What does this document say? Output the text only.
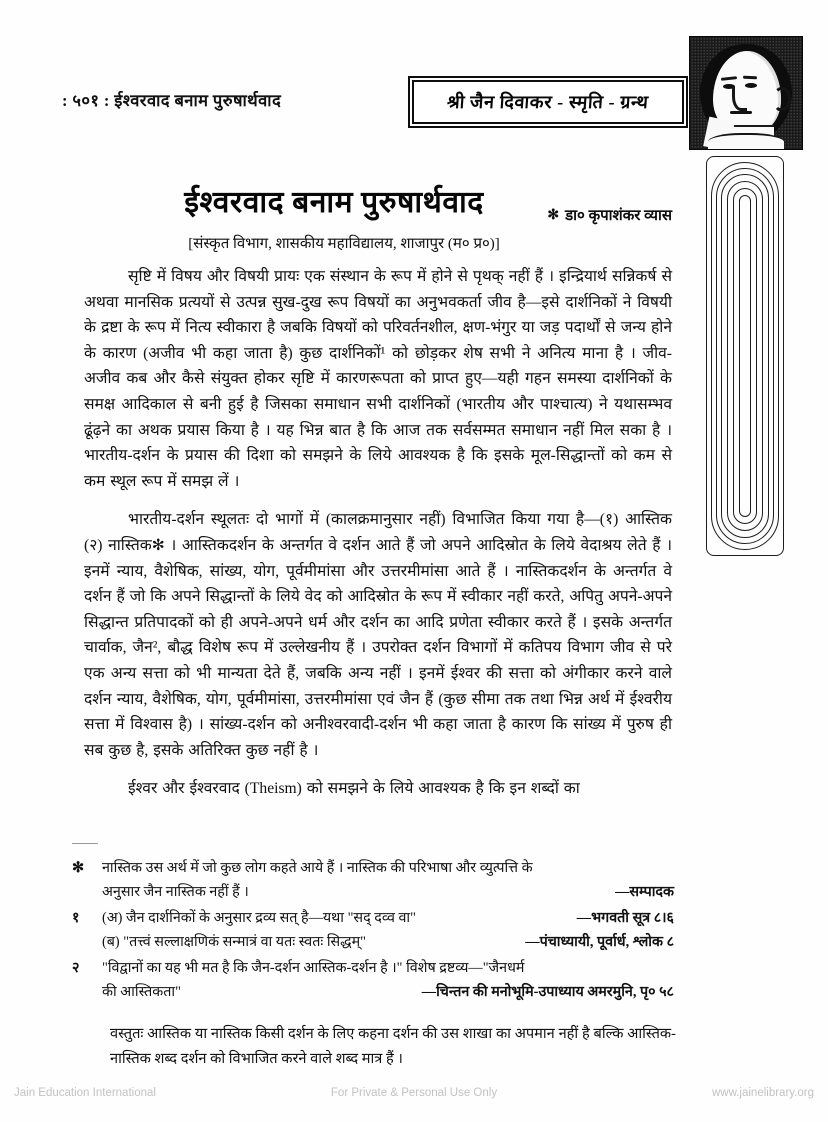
: ५०१ : ईश्वरवाद बनाम पुरुषार्थवाद	श्री जैन दिवाकर - स्मृति - ग्रन्थ
ईश्वरवाद बनाम पुरुषार्थवाद	✻ डा० कृपाशंकर व्यास
[संस्कृत विभाग, शासकीय महाविद्यालय, शाजापुर (म० प्र०)]

सृष्टि में विषय और विषयी प्रायः एक संस्थान के रूप में होने से पृथक् नहीं हैं । इन्द्रियार्थ सन्निकर्ष से अथवा मानसिक प्रत्ययों से उत्पन्न सुख-दुख रूप विषयों का अनुभवकर्ता जीव है—इसे दार्शनिकों ने विषयी के द्रष्टा के रूप में नित्य स्वीकारा है जबकि विषयों को परिवर्तनशील, क्षण-भंगुर या जड़ पदार्थों से जन्य होने के कारण (अजीव भी कहा जाता है) कुछ दार्शनिकों¹ को छोड़कर शेष सभी ने अनित्य माना है । जीव-अजीव कब और कैसे संयुक्त होकर सृष्टि में कारणरूपता को प्राप्त हुए—यही गहन समस्या दार्शनिकों के समक्ष आदिकाल से बनी हुई है जिसका समाधान सभी दार्शनिकों (भारतीय और पाश्चात्य) ने यथासम्भव ढूंढ़ने का अथक प्रयास किया है । यह भिन्न बात है कि आज तक सर्वसम्मत समाधान नहीं मिल सका है । भारतीय-दर्शन के प्रयास की दिशा को समझने के लिये आवश्यक है कि इसके मूल-सिद्धान्तों को कम से कम स्थूल रूप में समझ लें ।

भारतीय-दर्शन स्थूलतः दो भागों में (कालक्रमानुसार नहीं) विभाजित किया गया है—(१) आस्तिक (२) नास्तिक✻ । आस्तिकदर्शन के अन्तर्गत वे दर्शन आते हैं जो अपने आदिस्रोत के लिये वेदाश्रय लेते हैं । इनमें न्याय, वैशेषिक, सांख्य, योग, पूर्वमीमांसा और उत्तरमीमांसा आते हैं । नास्तिकदर्शन के अन्तर्गत वे दर्शन हैं जो कि अपने सिद्धान्तों के लिये वेद को आदिस्रोत के रूप में स्वीकार नहीं करते, अपितु अपने-अपने सिद्धान्त प्रतिपादकों को ही अपने-अपने धर्म और दर्शन का आदि प्रणेता स्वीकार करते हैं । इसके अन्तर्गत चार्वाक, जैन², बौद्ध विशेष रूप में उल्लेखनीय हैं । उपरोक्त दर्शन विभागों में कतिपय विभाग जीव से परे एक अन्य सत्ता को भी मान्यता देते हैं, जबकि अन्य नहीं । इनमें ईश्वर की सत्ता को अंगीकार करने वाले दर्शन न्याय, वैशेषिक, योग, पूर्वमीमांसा, उत्तरमीमांसा एवं जैन हैं (कुछ सीमा तक तथा भिन्न अर्थ में ईश्वरीय सत्ता में विश्वास है) । सांख्य-दर्शन को अनीश्वरवादी-दर्शन भी कहा जाता है कारण कि सांख्य में पुरुष ही सब कुछ है, इसके अतिरिक्त कुछ नहीं है ।

ईश्वर और ईश्वरवाद (Theism) को समझने के लिये आवश्यक है कि इन शब्दों का

✻	नास्तिक उस अर्थ में जो कुछ लोग कहते आये हैं । नास्तिक की परिभाषा और व्युत्पत्ति के
अनुसार जैन नास्तिक नहीं हैं ।	—सम्पादक
१	(अ) जैन दार्शनिकों के अनुसार द्रव्य सत् है—यथा "सद् दव्व वा"	—भगवती सूत्र ८।६
(ब) "तत्त्वं सल्लाक्षणिकं सन्मात्रं वा यतः स्वतः सिद्धम्"	—पंचाध्यायी, पूर्वार्ध, श्लोक ८
२	"विद्वानों का यह भी मत है कि जैन-दर्शन आस्तिक-दर्शन है ।" विशेष द्रष्टव्य—"जैनधर्म
की आस्तिकता"	—चिन्तन की मनोभूमि-उपाध्याय अमरमुनि, पृ० ५८
वस्तुतः आस्तिक या नास्तिक किसी दर्शन के लिए कहना दर्शन की उस शाखा का अपमान नहीं है बल्कि आस्तिक-नास्तिक शब्द दर्शन को विभाजित करने वाले शब्द मात्र हैं ।
Jain Education International	For Private & Personal Use Only	www.jainelibrary.org
